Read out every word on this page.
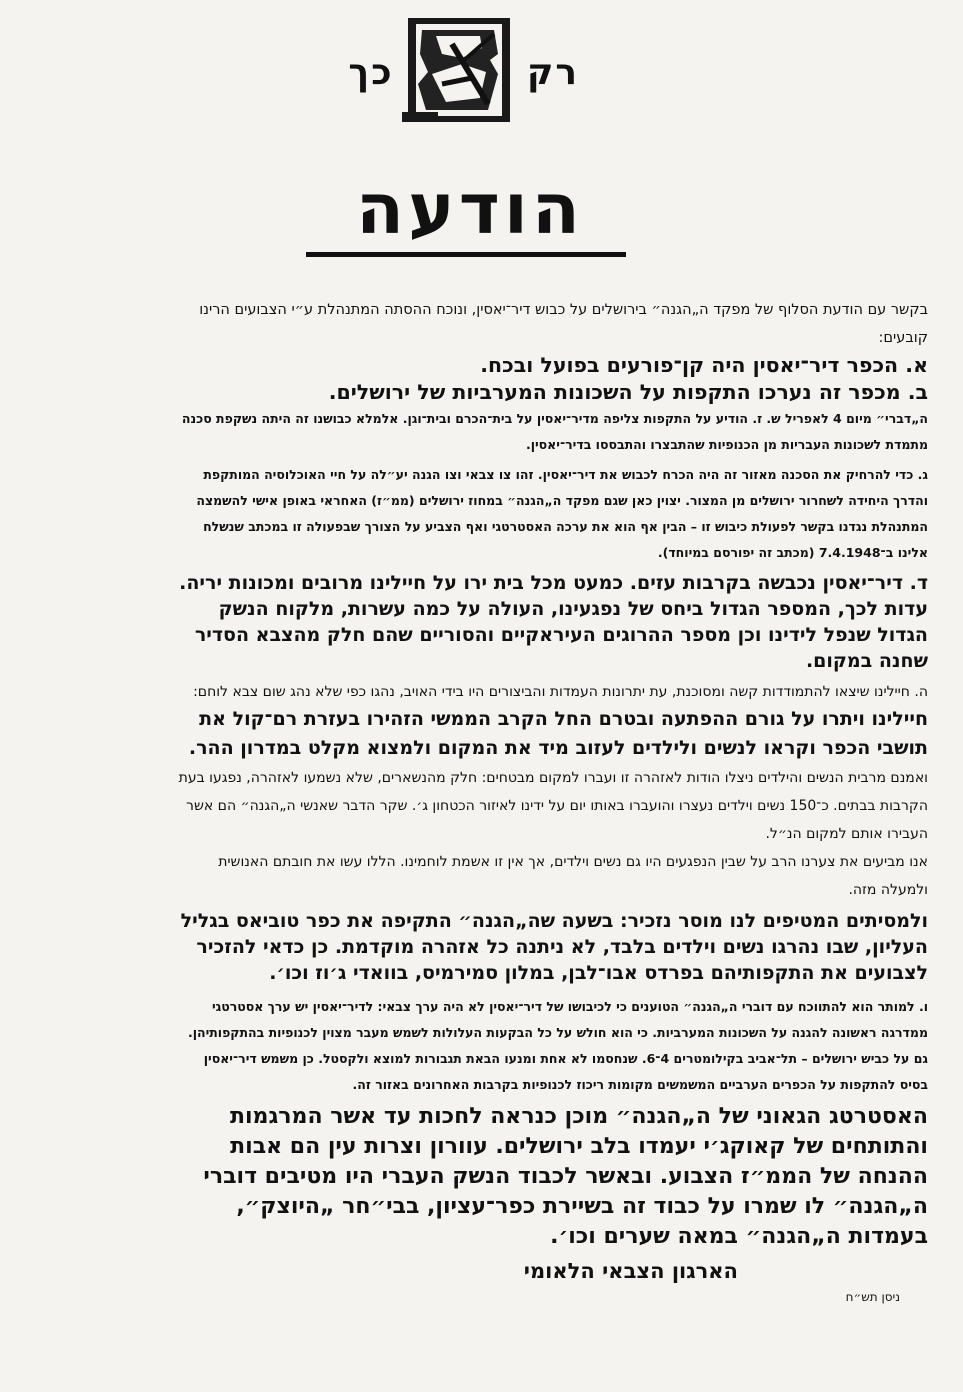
רק
כך
הודעה

בקשר עם הודעת הסלוף של מפקד ה„הגנה״ בירושלים על כבוש דיר־יאסין, ונוכח ההסתה המתנהלת ע״י הצבועים הרינו קובעים:

א. הכפר דיר־יאסין היה קן־פורעים בפועל ובכח.

ב. מכפר זה נערכו התקפות על השכונות המערביות של ירושלים.

ה„דברי״ מיום 4 לאפריל ש. ז. הודיע על התקפות צליפה מדיר־יאסין על בית־הכרם ובית־וגן. אלמלא כבושנו זה היתה נשקפת סכנה מתמדת לשכונות העבריות מן הכנופיות שהתבצרו והתבססו בדיר־יאסין.

ג. כדי להרחיק את הסכנה מאזור זה היה הכרח לכבוש את דיר־יאסין. זהו צו צבאי וצו הגנה יע״לה על חיי האוכלוסיה המותקפת והדרך היחידה לשחרור ירושלים מן המצור. יצוין כאן שגם מפקד ה„הגנה״ במחוז ירושלים (ממ״ז) האחראי באופן אישי להשמצה המתנהלת נגדנו בקשר לפעולת כיבוש זו – הבין אף הוא את ערכה האסטרטגי ואף הצביע על הצורך שבפעולה זו במכתב שנשלח אלינו ב־7.4.1948 (מכתב זה יפורסם במיוחד).

ד. דיר־יאסין נכבשה בקרבות עזים. כמעט מכל בית ירו על חיילינו מרובים ומכונות יריה. עדות לכך, המספר הגדול ביחס של נפגעינו, העולה על כמה עשרות, מלקוח הנשק הגדול שנפל לידינו וכן מספר ההרוגים העיראקיים והסוריים שהם חלק מהצבא הסדיר שחנה במקום.

ה. חיילינו שיצאו להתמודדות קשה ומסוכנת, עת יתרונות העמדות והביצורים היו בידי האויב, נהגו כפי שלא נהג שום צבא לוחם: חיילינו ויתרו על גורם ההפתעה ובטרם החל הקרב הממשי הזהירו בעזרת רם־קול את תושבי הכפר וקראו לנשים ולילדים לעזוב מיד את המקום ולמצוא מקלט במדרון ההר. ואמנם מרבית הנשים והילדים ניצלו הודות לאזהרה זו ועברו למקום מבטחים: חלק מהנשארים, שלא נשמעו לאזהרה, נפגעו בעת הקרבות בבתים. כ־150 נשים וילדים נעצרו והועברו באותו יום על ידינו לאיזור הכטחון ג׳. שקר הדבר שאנשי ה„הגנה״ הם אשר העבירו אותם למקום הנ״ל.

אנו מביעים את צערנו הרב על שבין הנפגעים היו גם נשים וילדים, אך אין זו אשמת לוחמינו. הללו עשו את חובתם האנושית ולמעלה מזה.

ולמסיתים המטיפים לנו מוסר נזכיר: בשעה שה„הגנה״ התקיפה את כפר טוביאס בגליל העליון, שבו נהרגו נשים וילדים בלבד, לא ניתנה כל אזהרה מוקדמת. כן כדאי להזכיר לצבועים את התקפותיהם בפרדס אבו־לבן, במלון סמירמיס, בוואדי ג׳וז וכו׳.

ו. למותר הוא להתווכח עם דוברי ה„הגנה״ הטוענים כי לכיבושו של דיר־יאסין לא היה ערך צבאי: לדיר־יאסין יש ערך אסטרטגי ממדרגה ראשונה להגנה על השכונות המערביות. כי הוא חולש על כל הבקעות העלולות לשמש מעבר מצוין לכנופיות בהתקפותיהן. גם על כביש ירושלים – תל־אביב בקילומטרים 4־6. שנחסמו לא אחת ומנעו הבאת תגבורות למוצא ולקסטל. כן משמש דיר־יאסין בסיס להתקפות על הכפרים הערביים המשמשים מקומות ריכוז לכנופיות בקרבות האחרונים באזור זה.

האסטרטג הגאוני של ה„הגנה״ מוכן כנראה לחכות עד אשר המרגמות והתותחים של קאוקג׳י יעמדו בלב ירושלים. עוורון וצרות עין הם אבות ההנחה של הממ״ז הצבוע. ובאשר לכבוד הנשק העברי היו מטיבים דוברי ה„הגנה״ לו שמרו על כבוד זה בשיירת כפר־עציון, בבי״חר „היוצק״, בעמדות ה„הגנה״ במאה שערים וכו׳.

הארגון הצבאי הלאומי

ניסן תש״ח
